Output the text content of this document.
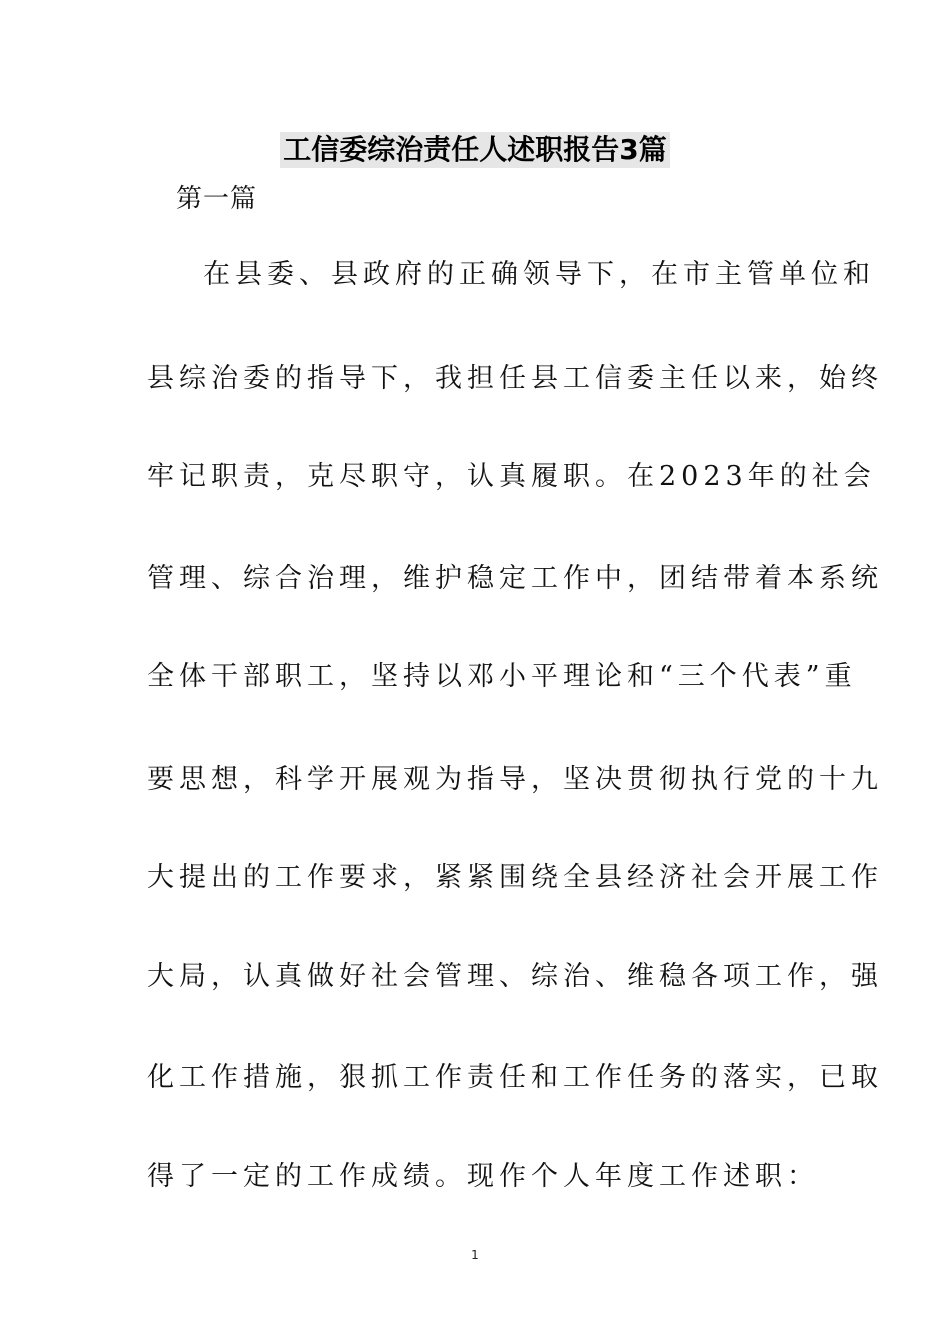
工信委综治责任人述职报告3篇
第一篇
在县委、县政府的正确领导下，在市主管单位和
县综治委的指导下，我担任县工信委主任以来，始终
牢记职责，克尽职守，认真履职。在2023年的社会
管理、综合治理，维护稳定工作中，团结带着本系统
全体干部职工，坚持以邓小平理论和“三个代表”重
要思想，科学开展观为指导，坚决贯彻执行党的十九
大提出的工作要求，紧紧围绕全县经济社会开展工作
大局，认真做好社会管理、综治、维稳各项工作，强
化工作措施，狠抓工作责任和工作任务的落实，已取
得了一定的工作成绩。现作个人年度工作述职：
1
